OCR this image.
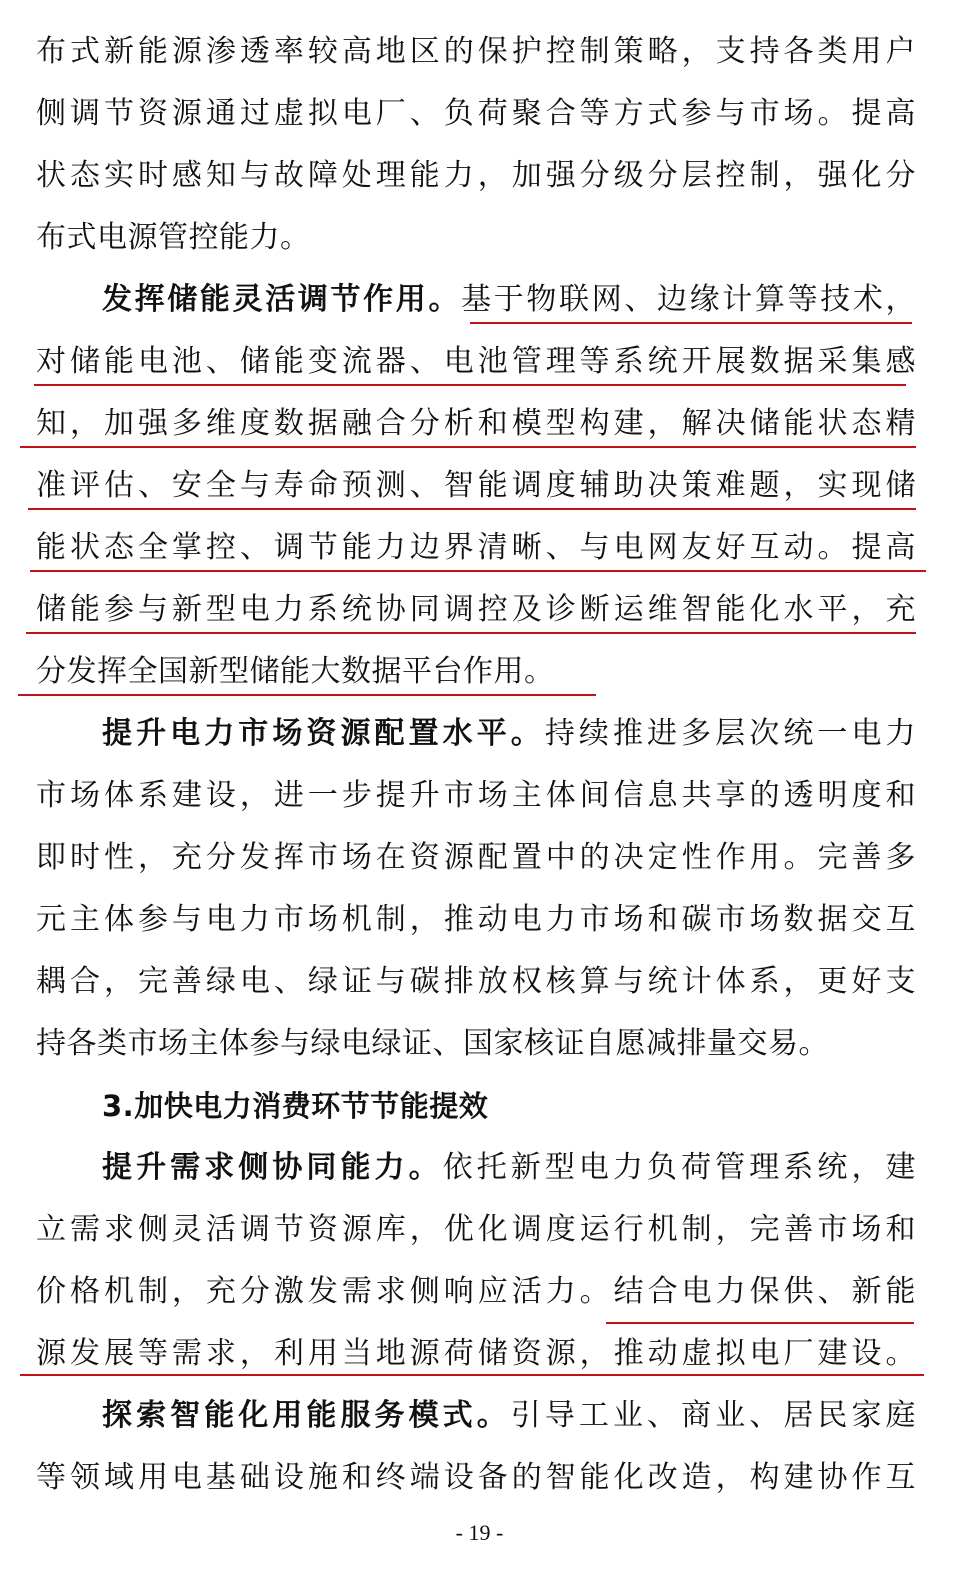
布式新能源渗透率较高地区的保护控制策略，支持各类用户
侧调节资源通过虚拟电厂、负荷聚合等方式参与市场。提高
状态实时感知与故障处理能力，加强分级分层控制，强化分
布式电源管控能力。
发挥储能灵活调节作用。基于物联网、边缘计算等技术，
对储能电池、储能变流器、电池管理等系统开展数据采集感
知，加强多维度数据融合分析和模型构建，解决储能状态精
准评估、安全与寿命预测、智能调度辅助决策难题，实现储
能状态全掌控、调节能力边界清晰、与电网友好互动。提高
储能参与新型电力系统协同调控及诊断运维智能化水平，充
分发挥全国新型储能大数据平台作用。
提升电力市场资源配置水平。持续推进多层次统一电力
市场体系建设，进一步提升市场主体间信息共享的透明度和
即时性，充分发挥市场在资源配置中的决定性作用。完善多
元主体参与电力市场机制，推动电力市场和碳市场数据交互
耦合，完善绿电、绿证与碳排放权核算与统计体系，更好支
持各类市场主体参与绿电绿证、国家核证自愿减排量交易。
3.加快电力消费环节节能提效
提升需求侧协同能力。依托新型电力负荷管理系统，建
立需求侧灵活调节资源库，优化调度运行机制，完善市场和
价格机制，充分激发需求侧响应活力。结合电力保供、新能
源发展等需求，利用当地源荷储资源，推动虚拟电厂建设。
探索智能化用能服务模式。引导工业、商业、居民家庭
等领域用电基础设施和终端设备的智能化改造，构建协作互
- 19 -
